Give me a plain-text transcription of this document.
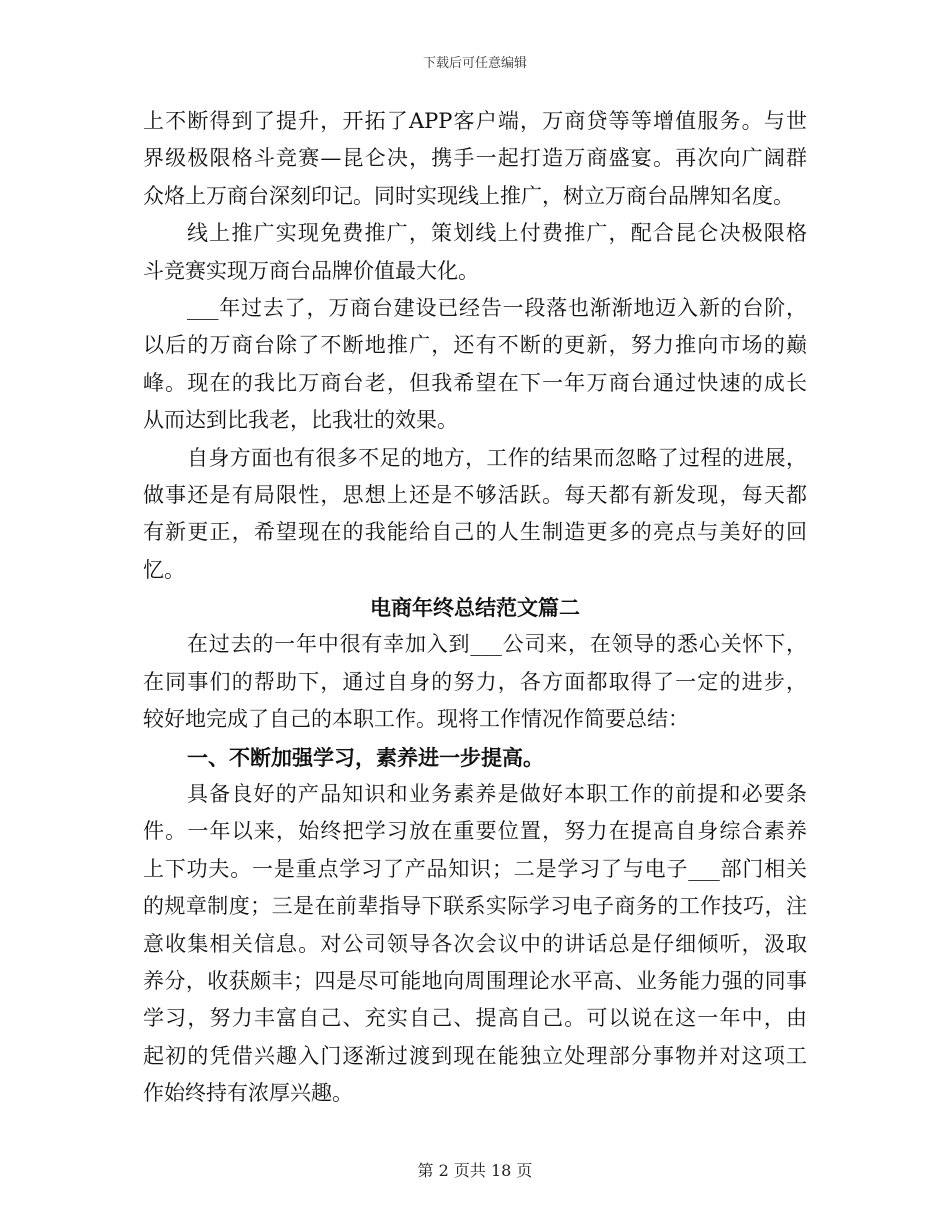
下载后可任意编辑
上不断得到了提升，开拓了APP客户端，万商贷等等增值服务。与世
界级极限格斗竞赛—昆仑决，携手一起打造万商盛宴。再次向广阔群
众烙上万商台深刻印记。同时实现线上推广，树立万商台品牌知名度。
线上推广实现免费推广，策划线上付费推广，配合昆仑决极限格
斗竞赛实现万商台品牌价值最大化。
___年过去了，万商台建设已经告一段落也渐渐地迈入新的台阶，
以后的万商台除了不断地推广，还有不断的更新，努力推向市场的巅
峰。现在的我比万商台老，但我希望在下一年万商台通过快速的成长
从而达到比我老，比我壮的效果。
自身方面也有很多不足的地方，工作的结果而忽略了过程的进展，
做事还是有局限性，思想上还是不够活跃。每天都有新发现，每天都
有新更正，希望现在的我能给自己的人生制造更多的亮点与美好的回
忆。
电商年终总结范文篇二
在过去的一年中很有幸加入到___公司来，在领导的悉心关怀下，
在同事们的帮助下，通过自身的努力，各方面都取得了一定的进步，
较好地完成了自己的本职工作。现将工作情况作简要总结：
一、不断加强学习，素养进一步提高。
具备良好的产品知识和业务素养是做好本职工作的前提和必要条
件。一年以来，始终把学习放在重要位置，努力在提高自身综合素养
上下功夫。一是重点学习了产品知识；二是学习了与电子___部门相关
的规章制度；三是在前辈指导下联系实际学习电子商务的工作技巧，注
意收集相关信息。对公司领导各次会议中的讲话总是仔细倾听，汲取
养分，收获颇丰；四是尽可能地向周围理论水平高、业务能力强的同事
学习，努力丰富自己、充实自己、提高自己。可以说在这一年中，由
起初的凭借兴趣入门逐渐过渡到现在能独立处理部分事物并对这项工
作始终持有浓厚兴趣。
第 2 页共 18 页
